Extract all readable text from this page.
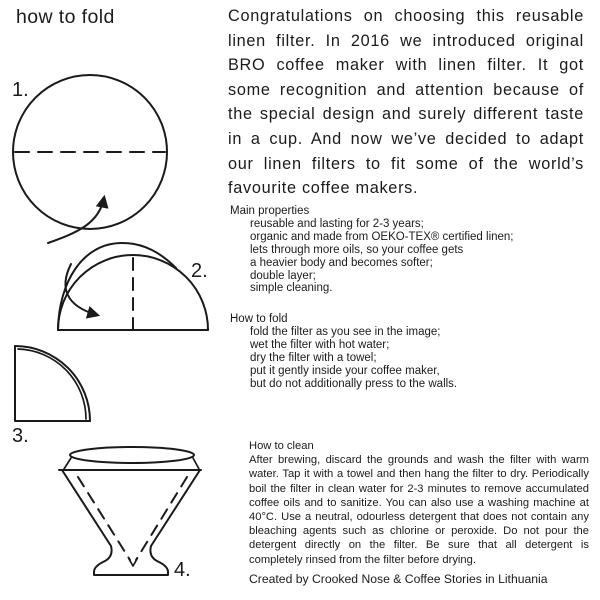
how to fold
1.
2.
3.
4.
Congratulations on choosing this reusable linen filter. In 2016 we introduced original BRO coffee maker with linen filter. It got some recognition and attention because of the special design and surely different taste in a cup. And now we’ve decided to adapt our linen filters to fit some of the world’s favourite coffee makers.
Main properties
reusable and lasting for 2-3 years;
organic and made from OEKO-TEX® certified linen;
lets through more oils, so your coffee gets
a heavier body and becomes softer;
double layer;
simple cleaning.
How to fold
fold the filter as you see in the image;
wet the filter with hot water;
dry the filter with a towel;
put it gently inside your coffee maker,
but do not additionally press to the walls.
How to clean

After brewing, discard the grounds and wash the filter with warm water. Tap it with a towel and then hang the filter to dry. Periodically boil the filter in clean water for 2-3 minutes to remove accumulated coffee oils and to sanitize. You can also use a washing machine at 40°C. Use a neutral, odourless detergent that does not contain any bleaching agents such as chlorine or peroxide. Do not pour the detergent directly on the filter. Be sure that all detergent is completely rinsed from the filter before drying.

Created by Crooked Nose & Coffee Stories in Lithuania
